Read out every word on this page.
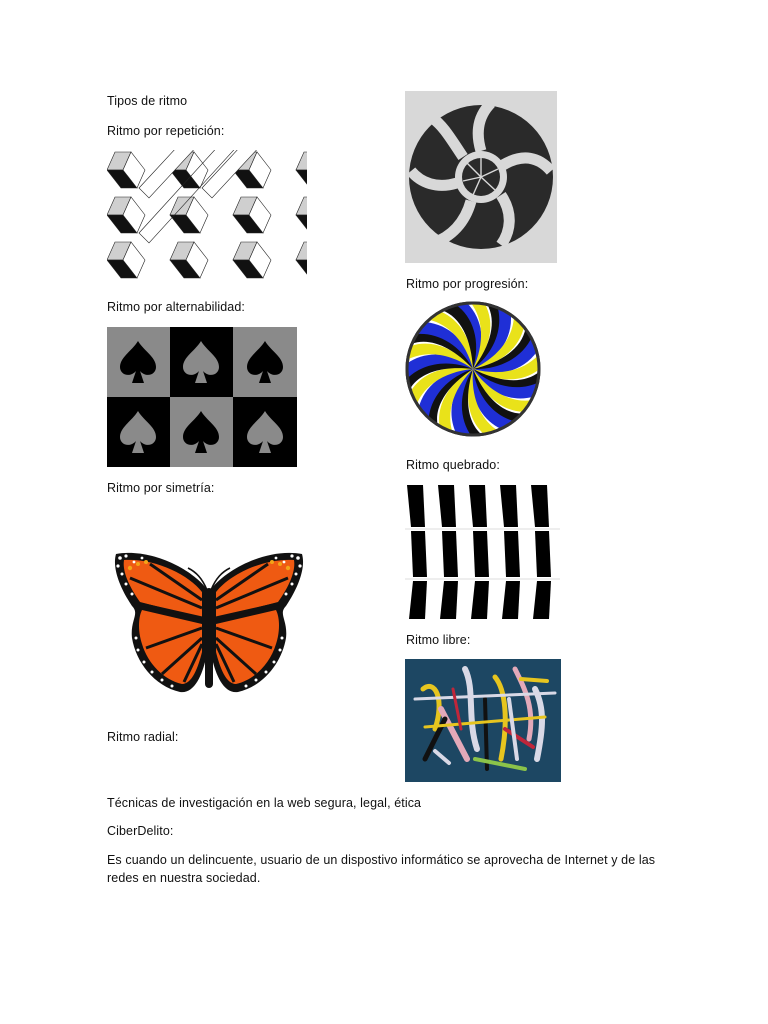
Tipos de ritmo
Ritmo por repetición:
Ritmo por alternabilidad:
Ritmo por simetría:
Ritmo radial:
Ritmo por progresión:
Ritmo quebrado:
Ritmo libre:
Técnicas de investigación en la web segura, legal, ética
CiberDelito:
Es cuando un delincuente, usuario de un dispostivo informático se aprovecha de Internet y de las redes en nuestra sociedad.
